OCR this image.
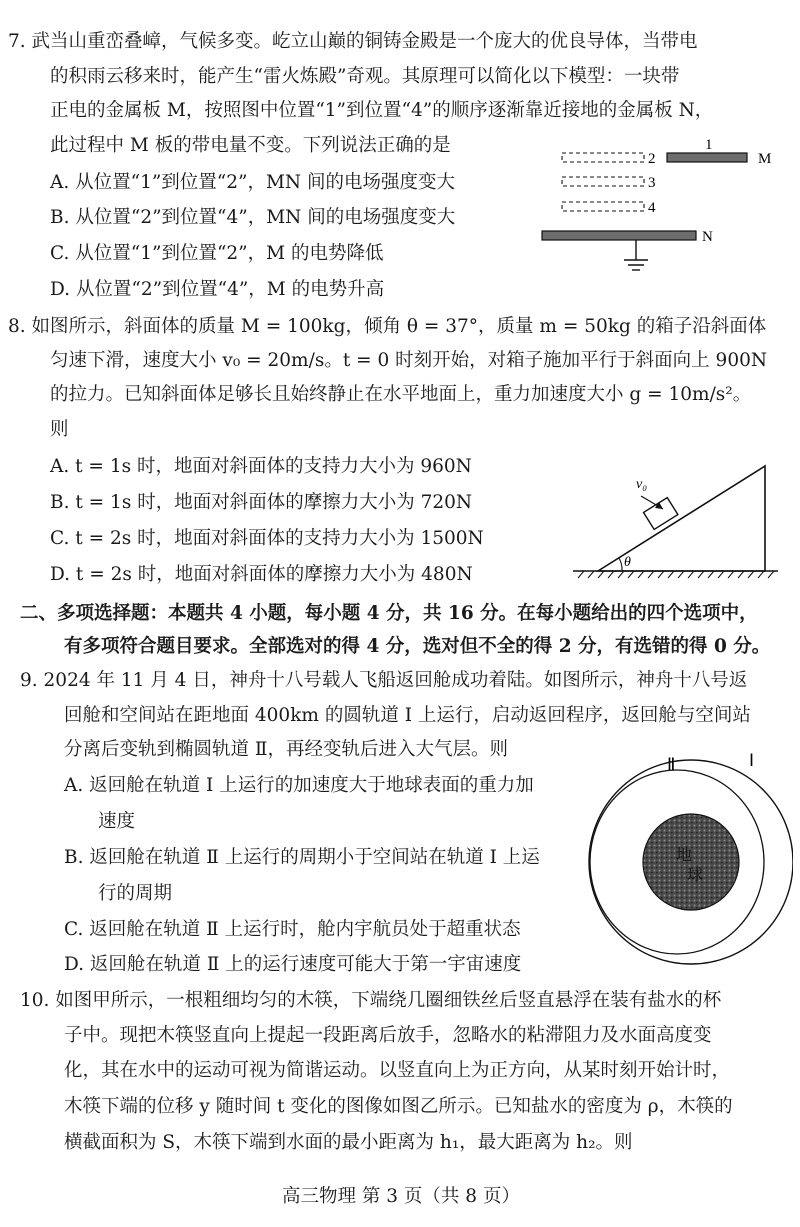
7. 武当山重峦叠嶂，气候多变。屹立山巅的铜铸金殿是一个庞大的优良导体，当带电
的积雨云移来时，能产生“雷火炼殿”奇观。其原理可以简化以下模型：一块带
正电的金属板 M，按照图中位置“1”到位置“4”的顺序逐渐靠近接地的金属板 N，
此过程中 M 板的带电量不变。下列说法正确的是
A. 从位置“1”到位置“2”，MN 间的电场强度变大
B. 从位置“2”到位置“4”，MN 间的电场强度变大
C. 从位置“1”到位置“2”，M 的电势降低
D. 从位置“2”到位置“4”，M 的电势升高
1
M
2
3
4
N
8. 如图所示，斜面体的质量 M = 100kg，倾角 θ = 37°，质量 m = 50kg 的箱子沿斜面体
匀速下滑，速度大小 v₀ = 20m/s。t = 0 时刻开始，对箱子施加平行于斜面向上 900N
的拉力。已知斜面体足够长且始终静止在水平地面上，重力加速度大小 g = 10m/s²。
则
A. t = 1s 时，地面对斜面体的支持力大小为 960N
B. t = 1s 时，地面对斜面体的摩擦力大小为 720N
C. t = 2s 时，地面对斜面体的支持力大小为 1500N
D. t = 2s 时，地面对斜面体的摩擦力大小为 480N
θ
v₀
二、多项选择题：本题共 4 小题，每小题 4 分，共 16 分。在每小题给出的四个选项中，
有多项符合题目要求。全部选对的得 4 分，选对但不全的得 2 分，有选错的得 0 分。
9. 2024 年 11 月 4 日，神舟十八号载人飞船返回舱成功着陆。如图所示，神舟十八号返
回舱和空间站在距地面 400km 的圆轨道 Ⅰ 上运行，启动返回程序，返回舱与空间站
分离后变轨到椭圆轨道 Ⅱ，再经变轨后进入大气层。则
A. 返回舱在轨道 Ⅰ 上运行的加速度大于地球表面的重力加
速度
B. 返回舱在轨道 Ⅱ 上运行的周期小于空间站在轨道 Ⅰ 上运
行的周期
C. 返回舱在轨道 Ⅱ 上运行时，舱内宇航员处于超重状态
D. 返回舱在轨道 Ⅱ 上的运行速度可能大于第一宇宙速度
地
球
Ⅱ	Ⅰ
10. 如图甲所示，一根粗细均匀的木筷，下端绕几圈细铁丝后竖直悬浮在装有盐水的杯
子中。现把木筷竖直向上提起一段距离后放手，忽略水的粘滞阻力及水面高度变
化，其在水中的运动可视为简谐运动。以竖直向上为正方向，从某时刻开始计时，
木筷下端的位移 y 随时间 t 变化的图像如图乙所示。已知盐水的密度为 ρ，木筷的
横截面积为 S，木筷下端到水面的最小距离为 h₁，最大距离为 h₂。则
高三物理 第 3 页（共 8 页）
